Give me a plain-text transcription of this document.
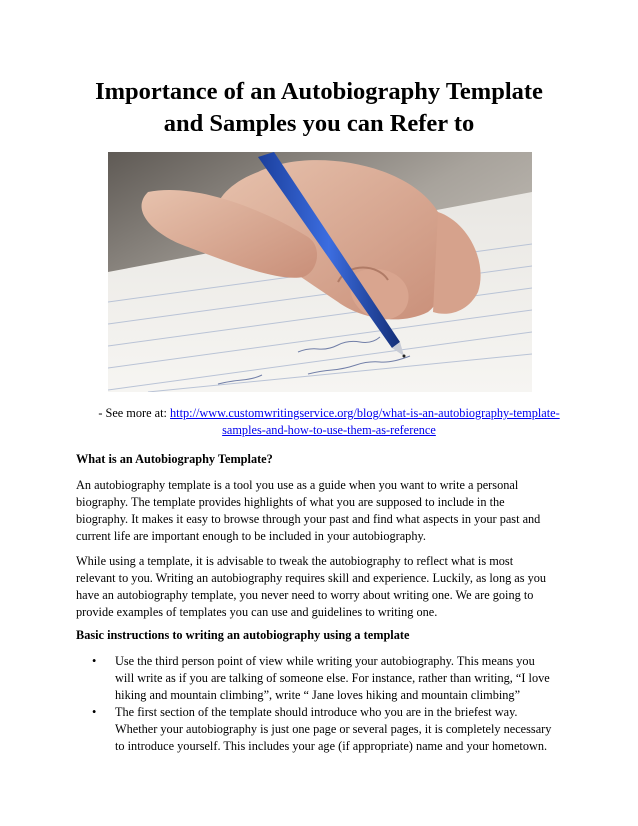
Importance of an Autobiography Template
and Samples you can Refer to
- See more at: http://www.customwritingservice.org/blog/what-is-an-autobiography-template-
samples-and-how-to-use-them-as-reference

What is an Autobiography Template?

An autobiography template is a tool you use as a guide when you want to write a personal
biography. The template provides highlights of what you are supposed to include in the
biography. It makes it easy to browse through your past and find what aspects in your past and
current life are important enough to be included in your autobiography.

While using a template, it is advisable to tweak the autobiography to reflect what is most
relevant to you. Writing an autobiography requires skill and experience. Luckily, as long as you
have an autobiography template, you never need to worry about writing one. We are going to
provide examples of templates you can use and guidelines to writing one.

Basic instructions to writing an autobiography using a template

• Use the third person point of view while writing your autobiography. This means you
will write as if you are talking of someone else. For instance, rather than writing, “I love
hiking and mountain climbing”, write “ Jane loves hiking and mountain climbing”
• The first section of the template should introduce who you are in the briefest way.
Whether your autobiography is just one page or several pages, it is completely necessary
to introduce yourself. This includes your age (if appropriate) name and your hometown.
